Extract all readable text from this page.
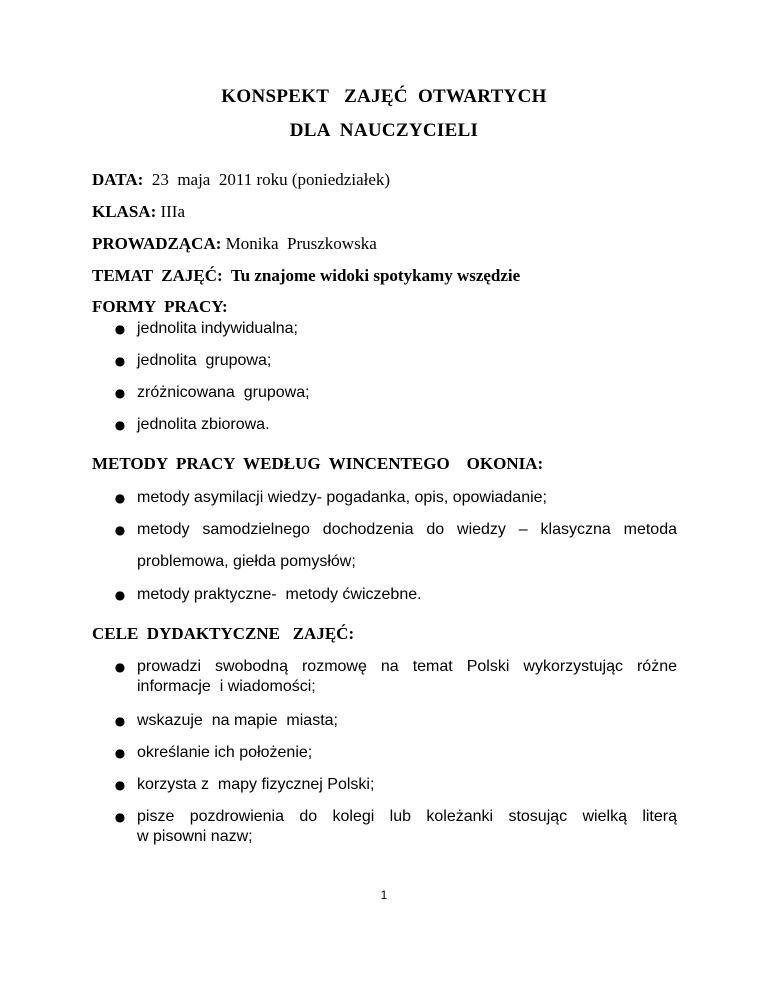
KONSPEKT   ZAJĘĆ  OTWARTYCH
DLA  NAUCZYCIELI
DATA:  23  maja  2011 roku (poniedziałek)
KLASA: IIIa
PROWADZĄCA: Monika  Pruszkowska
TEMAT  ZAJĘĆ:  Tu znajome widoki spotykamy wszędzie
FORMY  PRACY:
● jednolita indywidualna;
● jednolita  grupowa;
● zróżnicowana  grupowa;
● jednolita zbiorowa.
METODY  PRACY  WEDŁUG  WINCENTEGO    OKONIA:
● metody asymilacji wiedzy- pogadanka, opis, opowiadanie;
● metody samodzielnego dochodzenia do wiedzy – klasyczna metoda
problemowa, giełda pomysłów;
● metody praktyczne-  metody ćwiczebne.
CELE  DYDAKTYCZNE   ZAJĘĆ:
● prowadzi swobodną rozmowę na temat Polski wykorzystując różne
informacje  i wiadomości;
● wskazuje  na mapie  miasta;
● określanie ich położenie;
● korzysta z  mapy fizycznej Polski;
● pisze pozdrowienia do kolegi lub koleżanki stosując wielką literą
w pisowni nazw;
1
